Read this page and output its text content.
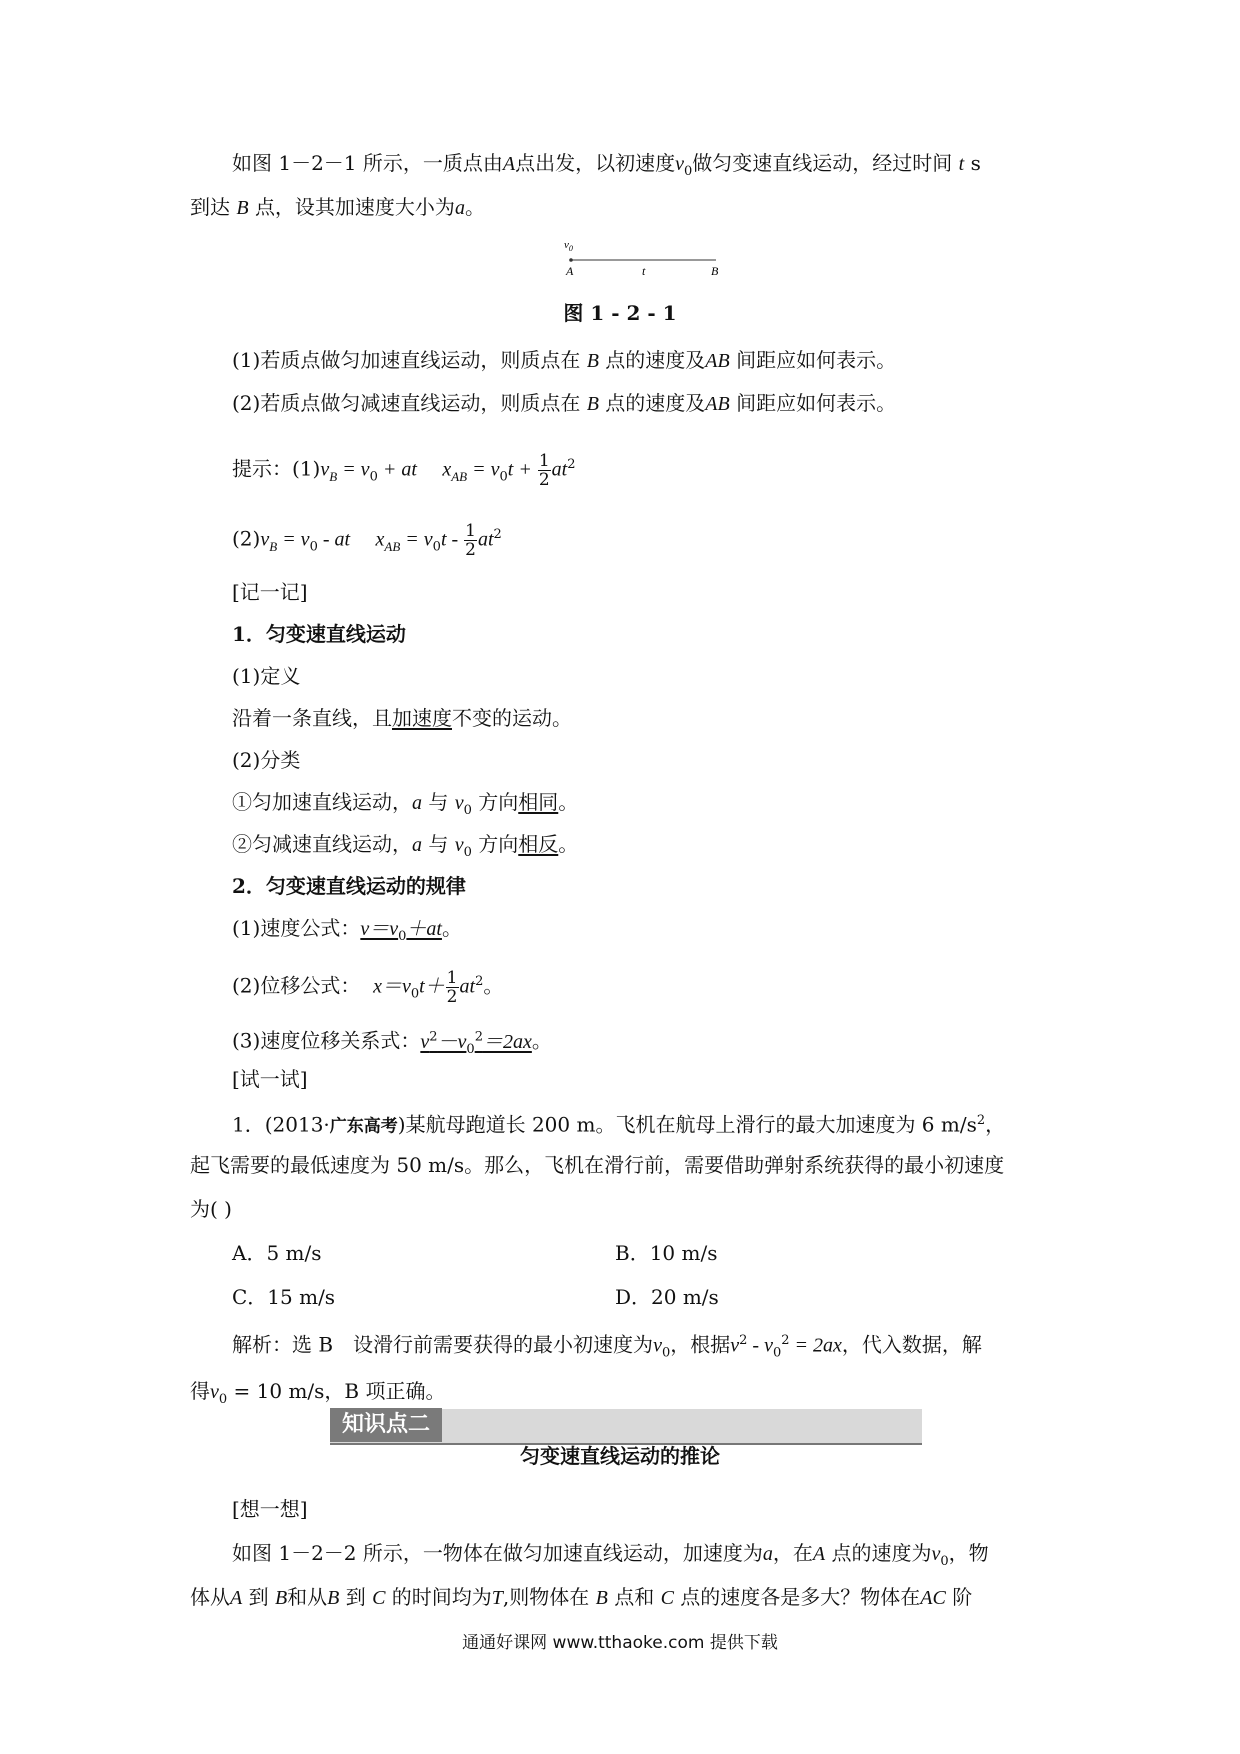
如图 1－2－1 所示，一质点由A点出发，以初速度$v_0$做匀变速直线运动，经过时间 t s
到达 B 点，设其加速度大小为a。
$v_0$
A	t	B
图 1 - 2 - 1
(1)若质点做匀加速直线运动，则质点在 B 点的速度及AB 间距应如何表示。
(2)若质点做匀减速直线运动，则质点在 B 点的速度及AB 间距应如何表示。
提示：$(1)v_B = v_0$ + at $x_{AB} = v_0t + \frac{1}{2} at^2$
$(2)v_B = v_0$ - at $x_{AB} = v_0t - \frac{1}{2} at^2$
[记一记]
1．匀变速直线运动
(1)定义
沿着一条直线，且加速度不变的运动。
(2)分类
①匀加速直线运动，a 与 $v_0$ 方向相同。
②匀减速直线运动，a 与 $v_0$ 方向相反。
2．匀变速直线运动的规律
(1)速度公式：$v=v_0+at$。
(2)位移公式： $x=v_0t+ \frac{1}{2} at^2$。
(3)速度位移关系式：$v^2-v_0^2=2ax$。
[试一试]
1．(2013·广东高考)某航母跑道长 200 m。飞机在航母上滑行的最大加速度为 6 $m/s^2$，
起飞需要的最低速度为 50 m/s。那么，飞机在滑行前，需要借助弹射系统获得的最小初速度
为( )
A．5 m/s	B．10 m/s
C．15 m/s	D．20 m/s
解析：选 B　设滑行前需要获得的最小初速度为$v_0$，根据$v^2 - v_0^2 = 2ax$，代入数据，解
得$v_0 = 10$ m/s，B 项正确。
知识点二
匀变速直线运动的推论
[想一想]
如图 1－2－2 所示，一物体在做匀加速直线运动，加速度为a，在A 点的速度为$v_0$，物
体从A 到 B和从B 到 C 的时间均为T,则物体在 B 点和 C 点的速度各是多大？物体在AC 阶
通通好课网 www.tthaoke.com 提供下载
